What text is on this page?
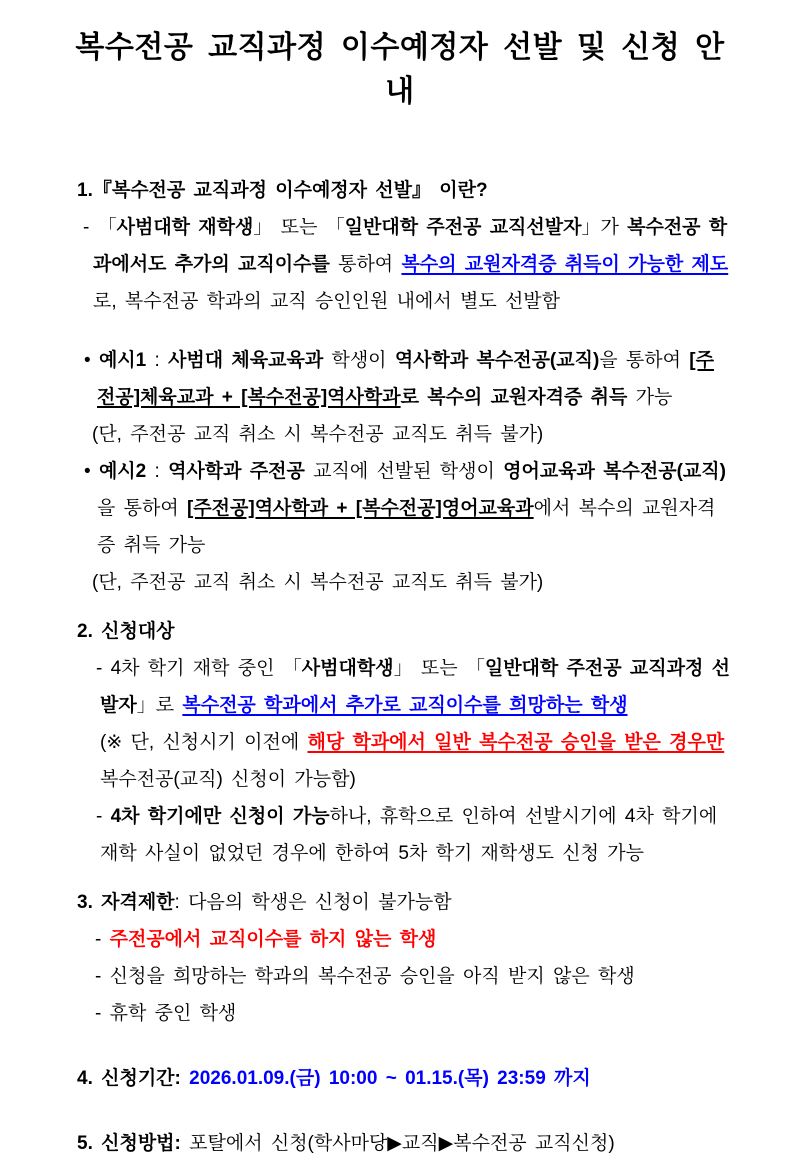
복수전공 교직과정 이수예정자 선발 및 신청 안내
1.『복수전공 교직과정 이수예정자 선발』 이란?
- 「사범대학 재학생」 또는 「일반대학 주전공 교직선발자」가 복수전공 학과에서도 추가의 교직이수를 통하여 복수의 교원자격증 취득이 가능한 제도로, 복수전공 학과의 교직 승인인원 내에서 별도 선발함
• 예시1 : 사범대 체육교육과 학생이 역사학과 복수전공(교직)을 통하여 [주전공]체육교과 + [복수전공]역사학과로 복수의 교원자격증 취득 가능
(단, 주전공 교직 취소 시 복수전공 교직도 취득 불가)
• 예시2 : 역사학과 주전공 교직에 선발된 학생이 영어교육과 복수전공(교직)을 통하여 [주전공]역사학과 + [복수전공]영어교육과에서 복수의 교원자격증 취득 가능
(단, 주전공 교직 취소 시 복수전공 교직도 취득 불가)
2. 신청대상
- 4차 학기 재학 중인 「사범대학생」 또는 「일반대학 주전공 교직과정 선발자」로 복수전공 학과에서 추가로 교직이수를 희망하는 학생
(※ 단, 신청시기 이전에 해당 학과에서 일반 복수전공 승인을 받은 경우만 복수전공(교직) 신청이 가능함)
- 4차 학기에만 신청이 가능하나, 휴학으로 인하여 선발시기에 4차 학기에 재학 사실이 없었던 경우에 한하여 5차 학기 재학생도 신청 가능
3. 자격제한: 다음의 학생은 신청이 불가능함
- 주전공에서 교직이수를 하지 않는 학생
- 신청을 희망하는 학과의 복수전공 승인을 아직 받지 않은 학생
- 휴학 중인 학생
4. 신청기간: 2026.01.09.(금) 10:00 ~ 01.15.(목) 23:59 까지
5. 신청방법: 포탈에서 신청(학사마당▶교직▶복수전공 교직신청)
